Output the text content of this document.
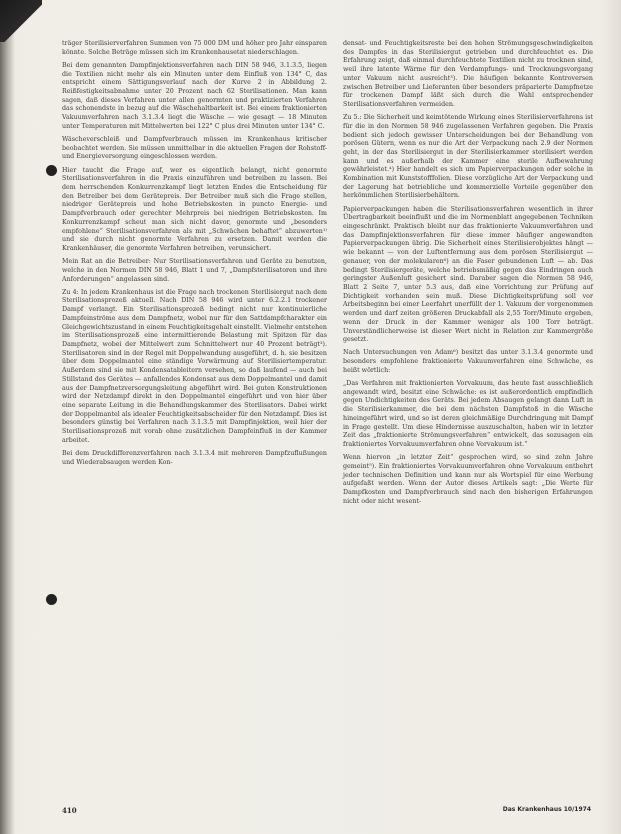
träger Sterilisierverfahren Summen von 75 000 DM und höher pro Jahr einsparen könnte. Solche Beträge müssen sich im Krankenhausetat niederschlagen.

Bei dem genannten Dampfinjektionsverfahren nach DIN 58 946, 3.1.3.5, liegen die Textilien nicht mehr als ein Minuten unter dem Einfluß von 134° C, das entspricht einem Sättigungsverlauf nach der Kurve 2 in Abbildung 2. Reißfestigkeitsabnahme unter 20 Prozent nach 62 Sterilisationen. Man kann sagen, daß dieses Verfahren unter allen genormten und praktizierten Verfahren das schonendste in bezug auf die Wäschehaltbarkeit ist. Bei einem fraktionierten Vakuumverfahren nach 3.1.3.4 liegt die Wäsche — wie gesagt — 18 Minuten unter Temperaturen mit Mittelwerten bei 122° C plus drei Minuten unter 134° C.

Wäscheverschleiß und Dampfverbrauch müssen im Krankenhaus kritischer beobachtet werden. Sie müssen unmittelbar in die aktuellen Fragen der Rohstoff- und Energieversorgung eingeschlossen werden.

Hier taucht die Frage auf, wer es eigentlich belangt, nicht genormte Sterilisationsverfahren in die Praxis einzuführen und betreiben zu lassen. Bei dem herrschenden Konkurrenzkampf liegt letzten Endes die Entscheidung für den Betreiber bei dem Gerätepreis. Der Betreiber muß sich die Frage stellen, niedriger Gerätepreis und hohe Betriebskosten in puncto Energie- und Dampfverbrauch oder gerechter Mehrpreis bei niedrigen Betriebskosten. Im Konkurrenzkampf scheut man sich nicht davor, genormte und „besonders empfohlene“ Sterilisationsverfahren als mit „Schwächen behaftet“ abzuwerten¹⁾ und sie durch nicht genormte Verfahren zu ersetzen. Damit werden die Krankenhäuser, die genormte Verfahren betreiben, verunsichert.

Mein Rat an die Betreiber: Nur Sterilisationsverfahren und Geräte zu benutzen, welche in den Normen DIN 58 946, Blatt 1 und 7, „Dampfsterilisatoren und ihre Anforderungen“ angelassen sind.

Zu 4: In jedem Krankenhaus ist die Frage nach trockenen Sterilisiergut nach dem Sterilisationsprozeß aktuell. Nach DIN 58 946 wird unter 6.2.2.1 trockener Dampf verlangt. Ein Sterilisationsprozeß bedingt nicht nur kontinuierliche Dampfeinströme aus dem Dampfnetz, wobei nur für den Sattdampfcharakter ein Gleichgewichtszustand in einem Feuchtigkeitsgehalt einstellt. Vielmehr entstehen im Sterilisationsprozeß eine intermittierende Belastung mit Spitzen für das Dampfnetz, wobei der Mittelwert zum Schnittelwert nur 40 Prozent beträgt³). Sterilisatoren sind in der Regel mit Doppelwandung ausgeführt, d. h. sie besitzen über dem Doppelmantel eine ständige Vorwärmung auf Sterilisiertemperatur. Außerdem sind sie mit Kondensatableitern versehen, so daß laufend — auch bei Stillstand des Gerätes — anfallendes Kondensat aus dem Doppelmantel und damit aus der Dampfnetzversorgungsleitung abgeführt wird. Bei guten Konstruktionen wird der Netzdampf direkt in den Doppelmantel eingeführt und von hier über eine separate Leitung in die Behandlungskammer des Sterilisators. Dabei wirkt der Doppelmantel als idealer Feuchtigkeitsabscheider für den Netzdampf. Dies ist besonders günstig bei Verfahren nach 3.1.3.5 mit Dampfinjektion, weil hier der Sterilisationsprozeß mit vorab ohne zusätzlichen Dampfeinfluß in der Kammer arbeitet.

Bei dem Druckdifferenzverfahren nach 3.1.3.4 mit mehreren Dampfzuflußungen und Wiederabsaugen werden Kon-

densat- und Feuchtigkeitsreste bei den hohen Strömungsgeschwindigkeiten des Dampfes in das Sterilisiergut getrieben und durchfeuchtet es. Die Erfahrung zeigt, daß einmal durchfeuchtete Textilien nicht zu trocknen sind, weil ihre latente Wärme für den Verdampfungs- und Trocknungsvorgang unter Vakuum nicht ausreicht³). Die häufigen bekannte Kontroversen zwischen Betreiber und Lieferanten über besonders präparierte Dampfnetze für trockenen Dampf läßt sich durch die Wahl entsprechender Sterilisationsverfahren vermeiden.

Zu 5.: Die Sicherheit und keimtötende Wirkung eines Sterilisierverfahrens ist für die in den Normen 58 946 zugelassenen Verfahren gegeben. Die Praxis bedient sich jedoch gewisser Unterscheidungen bei der Behandlung von porösen Gütern, wenn es nur die Art der Verpackung nach 2.9 der Normen geht, in der das Sterilisiergut in der Sterilisierkammer sterilisiert werden kann und es außerhalb der Kammer eine sterile Aufbewahrung gewährleistet.⁴) Hier handelt es sich um Papierverpackungen oder solche in Kombination mit Kunststofffolien. Diese vorzügliche Art der Verpackung und der Lagerung hat betriebliche und kommerzielle Vorteile gegenüber den herkömmlichen Sterilisierbehältern.

Papierverpackungen haben die Sterilisationsverfahren wesentlich in ihrer Übertragbarkeit beeinflußt und die im Normenblatt angegebenen Techniken eingeschränkt. Praktisch bleibt nur das fraktionierte Vakuumverfahren und das Dampfinjektionsverfahren für diese immer häufiger angewandten Papierverpackungen übrig. Die Sicherheit eines Sterilisierobjektes hängt — wie bekannt — von der Luftentfernung aus dem porösen Sterilisiergut — genauer, von der molekularen⁶) an die Faser gebundenen Luft — ab. Das bedingt Sterilisiergeräte, welche betriebsmäßig gegen das Eindringen auch geringster Außenluft gesichert sind. Daraber sagen die Normen 58 946, Blatt 2 Seite 7, unter 5.3 aus, daß eine Vorrichtung zur Prüfung auf Dichtigkeit vorhanden sein muß. Diese Dichtigkeitsprüfung soll vor Arbeitsbeginn bei einer Leerfahrt unerfüllt der 1. Vakuum der vorgenommen werden und darf zeiten größeren Druckabfall als 2,55 Torr/Minute ergeben, wenn der Druck in der Kammer weniger als 100 Torr beträgt. Unverständlicherweise ist dieser Wert nicht in Relation zur Kammergröße gesetzt.

Nach Untersuchungen von Adam⁶) besitzt das unter 3.1.3.4 genormte und besonders empfohlene fraktionierte Vakuumverfahren eine Schwäche, es heißt wörtlich:

„Das Verfahren mit fraktionierten Vorvakuum, das heute fast ausschließlich angewandt wird, besitzt eine Schwäche: es ist außerordentlich empfindlich gegen Undichtigkeiten des Geräts. Bei jedem Absaugen gelangt dann Luft in die Sterilisierkammer, die bei dem nächsten Dampfstoß in die Wäsche hineingeführt wird, und so ist deren gleichmäßige Durchdringung mit Dampf in Frage gestellt. Um diese Hindernisse auszuschalten, haben wir in letzter Zeit das „fraktionierte Strömungsverfahren“ entwickelt, das sozusagen ein fraktioniertes Vorvakuumverfahren ohne Vorvakuum ist.“

Wenn hiervon „in letzter Zeit“ gesprochen wird, so sind zehn Jahre gemeint⁵). Ein fraktioniertes Vorvakuumverfahren ohne Vorvakuum entbehrt jeder technischen Definition und kann nur als Wortspiel für eine Werbung aufgefaßt werden. Wenn der Autor dieses Artikels sagt: „Die Werte für Dampfkosten und Dampfverbrauch sind nach den bisherigen Erfahrungen nicht oder nicht wesent-

410	Das Krankenhaus 10/1974
